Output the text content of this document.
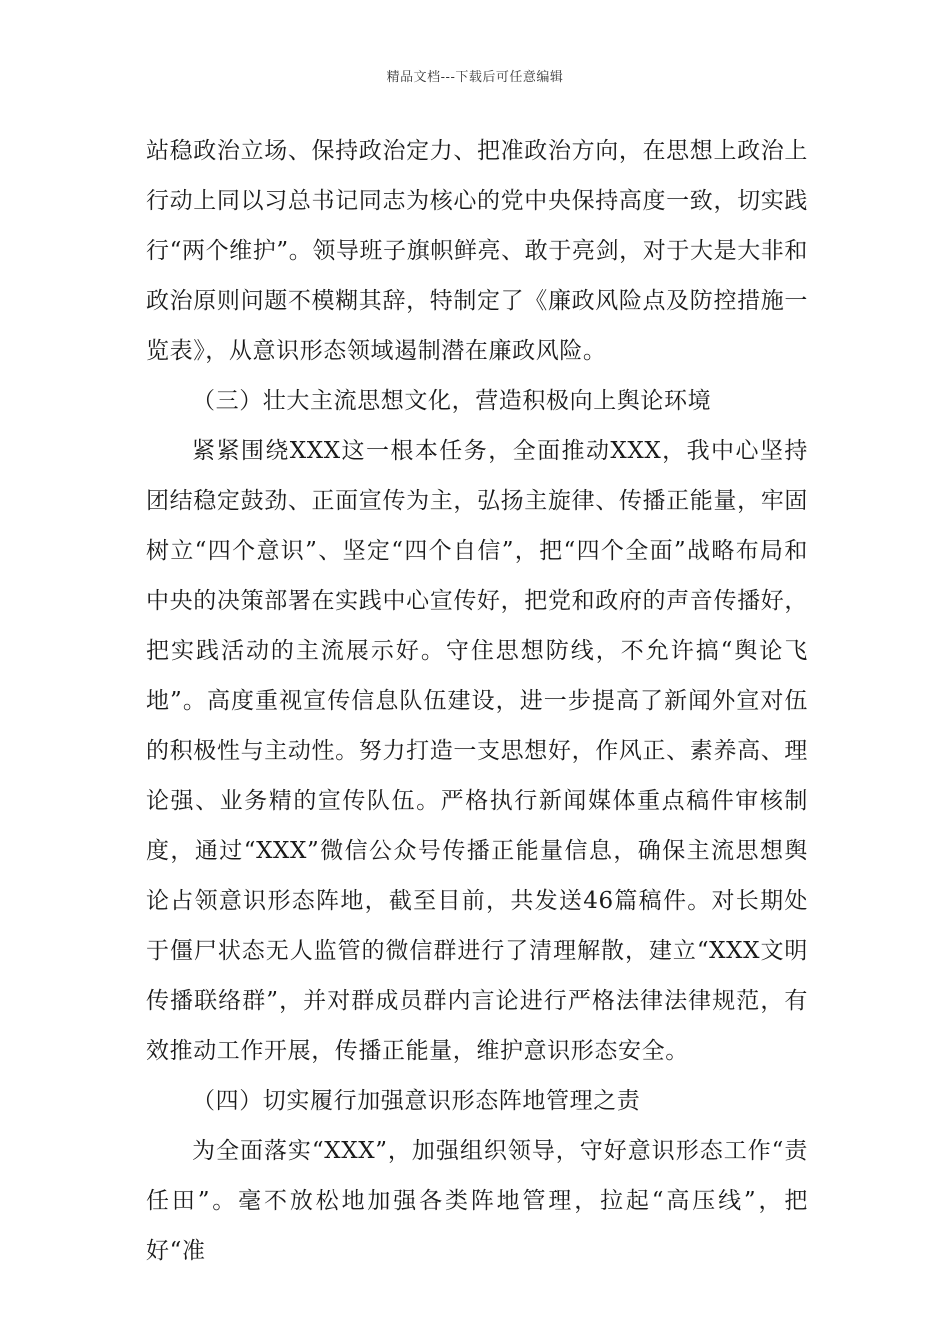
精品文档---下载后可任意编辑

站稳政治立场、保持政治定力、把准政治方向，在思想上政治上行动上同以习总书记同志为核心的党中央保持高度一致，切实践行“两个维护”。领导班子旗帜鲜亮、敢于亮剑，对于大是大非和政治原则问题不模糊其辞，特制定了《廉政风险点及防控措施一览表》，从意识形态领域遏制潜在廉政风险。

（三）壮大主流思想文化，营造积极向上舆论环境

紧紧围绕XXX这一根本任务，全面推动XXX，我中心坚持团结稳定鼓劲、正面宣传为主，弘扬主旋律、传播正能量，牢固树立“四个意识”、坚定“四个自信”，把“四个全面”战略布局和中央的决策部署在实践中心宣传好，把党和政府的声音传播好，把实践活动的主流展示好。守住思想防线，不允许搞“舆论飞地”。高度重视宣传信息队伍建设，进一步提高了新闻外宣对伍的积极性与主动性。努力打造一支思想好，作风正、素养高、理论强、业务精的宣传队伍。严格执行新闻媒体重点稿件审核制度，通过“XXX”微信公众号传播正能量信息，确保主流思想舆论占领意识形态阵地，截至目前，共发送46篇稿件。对长期处于僵尸状态无人监管的微信群进行了清理解散，建立“XXX文明传播联络群”，并对群成员群内言论进行严格法律法律规范，有效推动工作开展，传播正能量，维护意识形态安全。

（四）切实履行加强意识形态阵地管理之责

为全面落实“XXX”，加强组织领导，守好意识形态工作“责任田”。毫不放松地加强各类阵地管理，拉起“高压线”，把好“准
